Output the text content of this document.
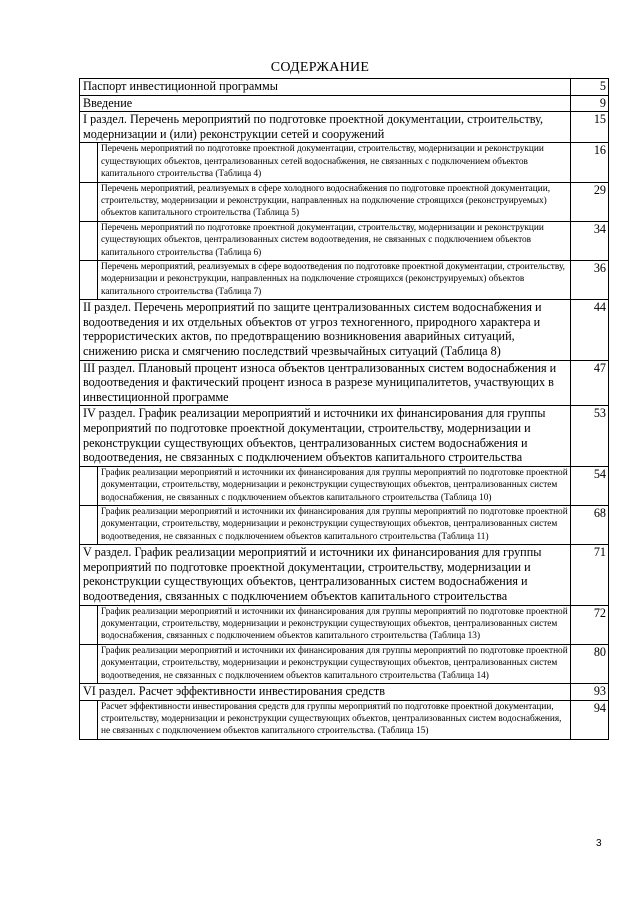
СОДЕРЖАНИЕ
Паспорт инвестиционной программы		5
Введение		9
I раздел. Перечень мероприятий по подготовке проектной документации, строительству, модернизации и (или) реконструкции сетей и сооружений		15
	Перечень мероприятий по подготовке проектной документации, строительству, модернизации и реконструкции существующих объектов, централизованных сетей водоснабжения, не связанных с подключением объектов капитального строительства (Таблица 4)	16
	Перечень мероприятий, реализуемых в сфере холодного водоснабжения по подготовке проектной документации, строительству, модернизации и реконструкции, направленных на подключение строящихся (реконструируемых) объектов капитального строительства (Таблица 5)	29
	Перечень мероприятий по подготовке проектной документации, строительству, модернизации и реконструкции существующих объектов, централизованных систем водоотведения, не связанных с подключением объектов капитального строительства (Таблица 6)	34
	Перечень мероприятий, реализуемых в сфере водоотведения по подготовке проектной документации, строительству, модернизации и реконструкции, направленных на подключение строящихся (реконструируемых) объектов капитального строительства (Таблица 7)	36
II раздел. Перечень мероприятий по защите централизованных систем водоснабжения и водоотведения и их отдельных объектов от угроз техногенного, природного характера и террористических актов, по предотвращению возникновения аварийных ситуаций, снижению риска и смягчению последствий чрезвычайных ситуаций (Таблица 8)		44
III раздел. Плановый процент износа объектов централизованных систем водоснабжения и водоотведения и фактический процент износа в разрезе муниципалитетов, участвующих в инвестиционной программе		47
IV раздел. График реализации мероприятий и источники их финансирования для группы мероприятий по подготовке проектной документации, строительству, модернизации и реконструкции существующих объектов, централизованных систем водоснабжения и водоотведения, не связанных с подключением объектов капитального строительства		53
	График реализации мероприятий и источники их финансирования для группы мероприятий по подготовке проектной документации, строительству, модернизации и реконструкции существующих объектов, централизованных систем водоснабжения, не связанных с подключением объектов капитального строительства (Таблица 10)	54
	График реализации мероприятий и источники их финансирования для группы мероприятий по подготовке проектной документации, строительству, модернизации и реконструкции существующих объектов, централизованных систем водоотведения, не связанных с подключением объектов капитального строительства (Таблица 11)	68
V раздел. График реализации мероприятий и источники их финансирования для группы мероприятий по подготовке проектной документации, строительству, модернизации и реконструкции существующих объектов, централизованных систем водоснабжения и водоотведения, связанных с подключением объектов капитального строительства		71
	График реализации мероприятий и источники их финансирования для группы мероприятий по подготовке проектной документации, строительству, модернизации и реконструкции существующих объектов, централизованных систем водоснабжения, связанных с подключением объектов капитального строительства (Таблица 13)	72
	График реализации мероприятий и источники их финансирования для группы мероприятий по подготовке проектной документации, строительству, модернизации и реконструкции существующих объектов, централизованных систем водоотведения, не связанных с подключением объектов капитального строительства (Таблица 14)	80
VI раздел. Расчет эффективности инвестирования средств		93
	Расчет эффективности инвестирования средств для группы мероприятий по подготовке проектной документации, строительству, модернизации и реконструкции существующих объектов, централизованных систем водоснабжения, не связанных с подключением объектов капитального строительства. (Таблица 15)	94
3
